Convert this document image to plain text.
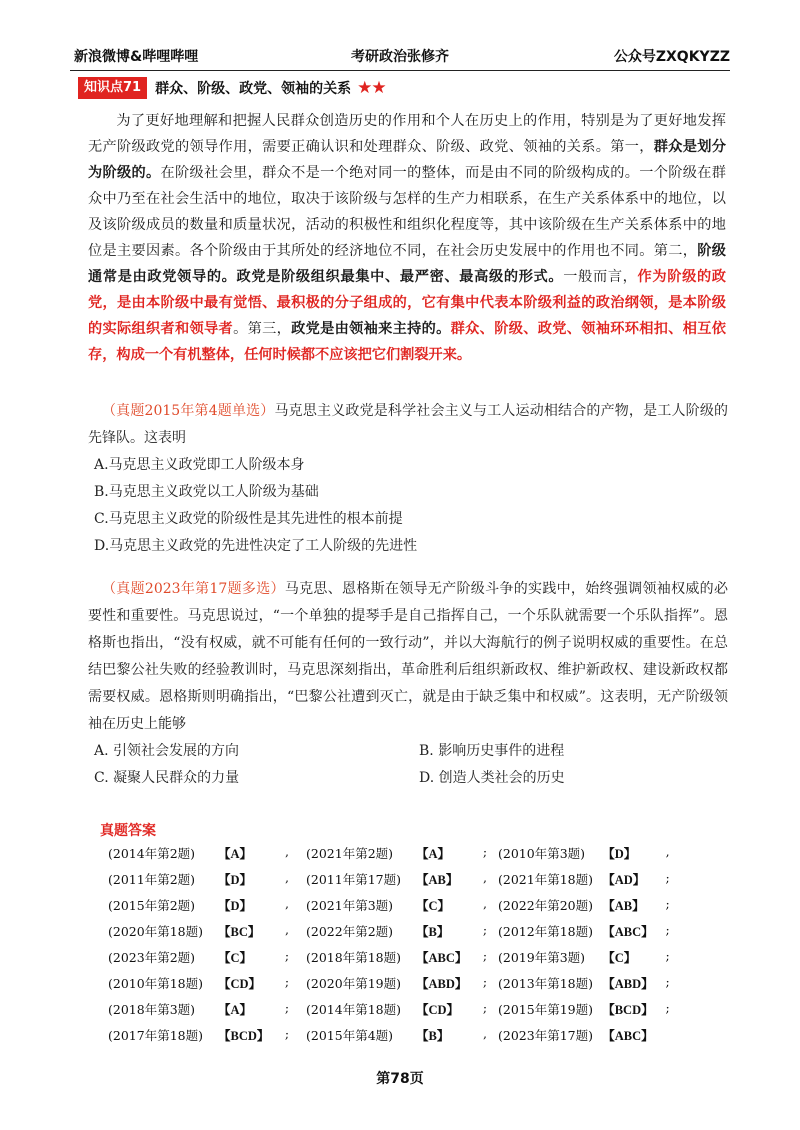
新浪微博&哔哩哔哩	考研政治张修齐	公众号ZXQKYZZ
知识点71	群众、阶级、政党、领袖的关系 ★★
为了更好地理解和把握人民群众创造历史的作用和个人在历史上的作用，特别是为了更好地发挥无产阶级政党的领导作用，需要正确认识和处理群众、阶级、政党、领袖的关系。第一，群众是划分为阶级的。在阶级社会里，群众不是一个绝对同一的整体，而是由不同的阶级构成的。一个阶级在群众中乃至在社会生活中的地位，取决于该阶级与怎样的生产力相联系，在生产关系体系中的地位，以及该阶级成员的数量和质量状况，活动的积极性和组织化程度等，其中该阶级在生产关系体系中的地位是主要因素。各个阶级由于其所处的经济地位不同，在社会历史发展中的作用也不同。第二，阶级通常是由政党领导的。政党是阶级组织最集中、最严密、最高级的形式。一般而言，作为阶级的政党，是由本阶级中最有觉悟、最积极的分子组成的，它有集中代表本阶级利益的政治纲领，是本阶级的实际组织者和领导者。第三，政党是由领袖来主持的。群众、阶级、政党、领袖环环相扣、相互依存，构成一个有机整体，任何时候都不应该把它们割裂开来。
（真题2015年第4题单选）马克思主义政党是科学社会主义与工人运动相结合的产物，是工人阶级的先锋队。这表明
A.马克思主义政党即工人阶级本身
B.马克思主义政党以工人阶级为基础
C.马克思主义政党的阶级性是其先进性的根本前提
D.马克思主义政党的先进性决定了工人阶级的先进性
（真题2023年第17题多选）马克思、恩格斯在领导无产阶级斗争的实践中，始终强调领袖权威的必要性和重要性。马克思说过，“一个单独的提琴手是自己指挥自己，一个乐队就需要一个乐队指挥”。恩格斯也指出，“没有权威，就不可能有任何的一致行动”，并以大海航行的例子说明权威的重要性。在总结巴黎公社失败的经验教训时，马克思深刻指出，革命胜利后组织新政权、维护新政权、建设新政权都需要权威。恩格斯则明确指出，“巴黎公社遭到灭亡，就是由于缺乏集中和权威”。这表明，无产阶级领袖在历史上能够
A. 引领社会发展的方向	B. 影响历史事件的进程
C. 凝聚人民群众的力量	D. 创造人类社会的历史
真题答案
(2014年第2题)	【A】	,	(2021年第2题)	【A】	; (2010年第3题)	【D】	,
(2011年第2题)	【D】	,	(2011年第17题)	【AB】	, (2021年第18题) 【AD】	;
(2015年第2题)	【D】	,	(2021年第3题)	【C】	, (2022年第20题) 【AB】	;
(2020年第18题)	【BC】	,	(2022年第2题)	【B】	; (2012年第18题) 【ABC】 ;
(2023年第2题)	【C】	;	(2018年第18题)	【ABC】	; (2019年第3题)	【C】	;
(2010年第18题)	【CD】	;	(2020年第19题)	【ABD】	; (2013年第18题) 【ABD】 ;
(2018年第3题)	【A】	;	(2014年第18题)	【CD】	; (2015年第19题) 【BCD】 ;
(2017年第18题)	【BCD】	;	(2015年第4题)	【B】	, (2023年第17题) 【ABC】
第78页
